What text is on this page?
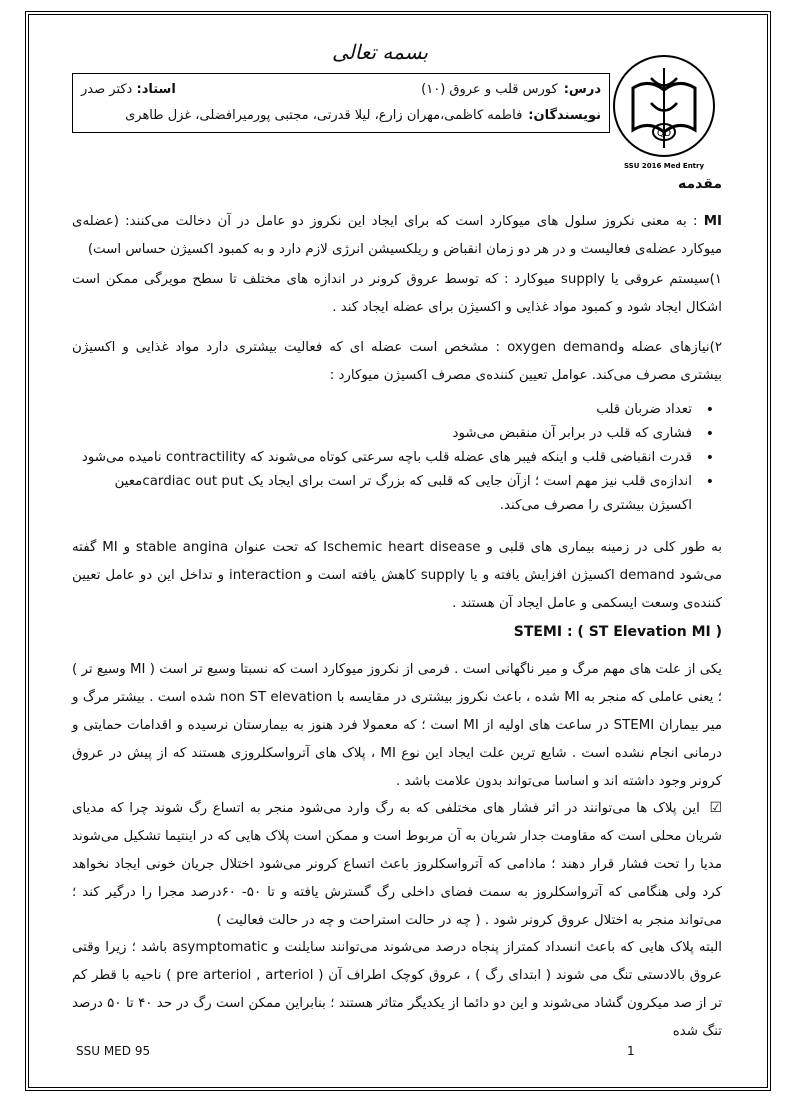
بسمه تعالی
درس:
کورس قلب و عروق (۱۰)
استاد: دکتر صدر
نویسندگان:
فاطمه کاظمی،مهران زارع، لیلا قدرتی، مجتبی پورمیرافضلی، غزل طاهری
QD
SSU 2016 Med Entry
مقدمه
MI : به معنی نکروز سلول های میوکارد است که برای ایجاد این نکروز دو عامل در آن دخالت می‌کنند: (عضله‌ی میوکارد عضله‌ی فعالیست و در هر دو زمان انقباض و ریلکسیشن انرژی لازم دارد و به کمبود اکسیژن حساس است)
۱)سیستم عروقی یا supply میوکارد : که توسط عروق کرونر در اندازه های مختلف تا سطح مویرگی ممکن است اشکال ایجاد شود و کمبود مواد غذایی و اکسیژن برای عضله ایجاد کند .
۲)نیازهای عضله وoxygen demand : مشخص است عضله ای که فعالیت بیشتری دارد مواد غذایی و اکسیژن بیشتری مصرف می‌کند. عوامل تعیین کننده‌ی مصرف اکسیژن میوکارد :
• تعداد ضربان قلب
• فشاری که قلب در برابر آن منقبض می‌شود
• قدرت انقباضی قلب و اینکه فیبر های عضله قلب باچه سرعتی کوتاه می‌شوند که contractility نامیده می‌شود
• اندازه‌ی قلب نیز مهم است ؛ ازآن جایی که قلبی که بزرگ تر است برای ایجاد یک cardiac out putمعین اکسیژن بیشتری را مصرف می‌کند.
به طور کلی در زمینه بیماری های قلبی و Ischemic heart disease که تحت عنوان stable angina و MI گفته می‌شود demand اکسیژن افزایش یافته و یا supply کاهش یافته است و interaction و تداخل این دو عامل تعیین کننده‌ی وسعت ایسکمی و عامل ایجاد آن هستند .
STEMI : ( ST Elevation MI )
یکی از علت های مهم مرگ و میر ناگهانی است . فرمی از نکروز میوکارد است که نسبتا وسیع تر است ( MI وسیع تر ) ؛ یعنی عاملی که منجر به MI شده ، باعث نکروز بیشتری در مقایسه با non ST elevation شده است . بیشتر مرگ و میر بیماران STEMI در ساعت های اولیه از MI است ؛ که معمولا فرد هنوز به بیمارستان نرسیده و اقدامات حمایتی و درمانی انجام نشده است . شایع ترین علت ایجاد این نوع MI ، پلاک های آترواسکلروزی هستند که از پیش در عروق کرونر وجود داشته اند و اساسا می‌تواند بدون علامت باشد .
☑ این پلاک ها می‌توانند در اثر فشار های مختلفی که به رگ وارد می‌شود منجر به اتساع رگ شوند چرا که مدیای شریان محلی است که مقاومت جدار شریان به آن مربوط است و ممکن است پلاک هایی که در اینتیما تشکیل می‌شوند مدیا را تحت فشار قرار دهند ؛ مادامی که آترواسکلروز باعث اتساع کرونر می‌شود اختلال جریان خونی ایجاد نخواهد کرد ولی هنگامی که آترواسکلروز به سمت فضای داخلی رگ گسترش یافته و تا ۵۰- ۶۰درصد مجرا را درگیر کند ؛ می‌تواند منجر به اختلال عروق کرونر شود . ( چه در حالت استراحت و چه در حالت فعالیت )
البته پلاک هایی که باعث انسداد کمتراز پنجاه درصد می‌شوند می‌توانند سایلنت و asymptomatic باشد ؛ زیرا وقتی عروق بالادستی تنگ می شوند ( ابتدای رگ ) ، عروق کوچک اطراف آن ( pre arteriol , arteriol ) ناحیه با قطر کم تر از صد میکرون گشاد می‌شوند و این دو دائما از یکدیگر متاثر هستند ؛ بنابراین ممکن است رگ در حد ۴۰ تا ۵۰ درصد تنگ شده
SSU MED 95	1
